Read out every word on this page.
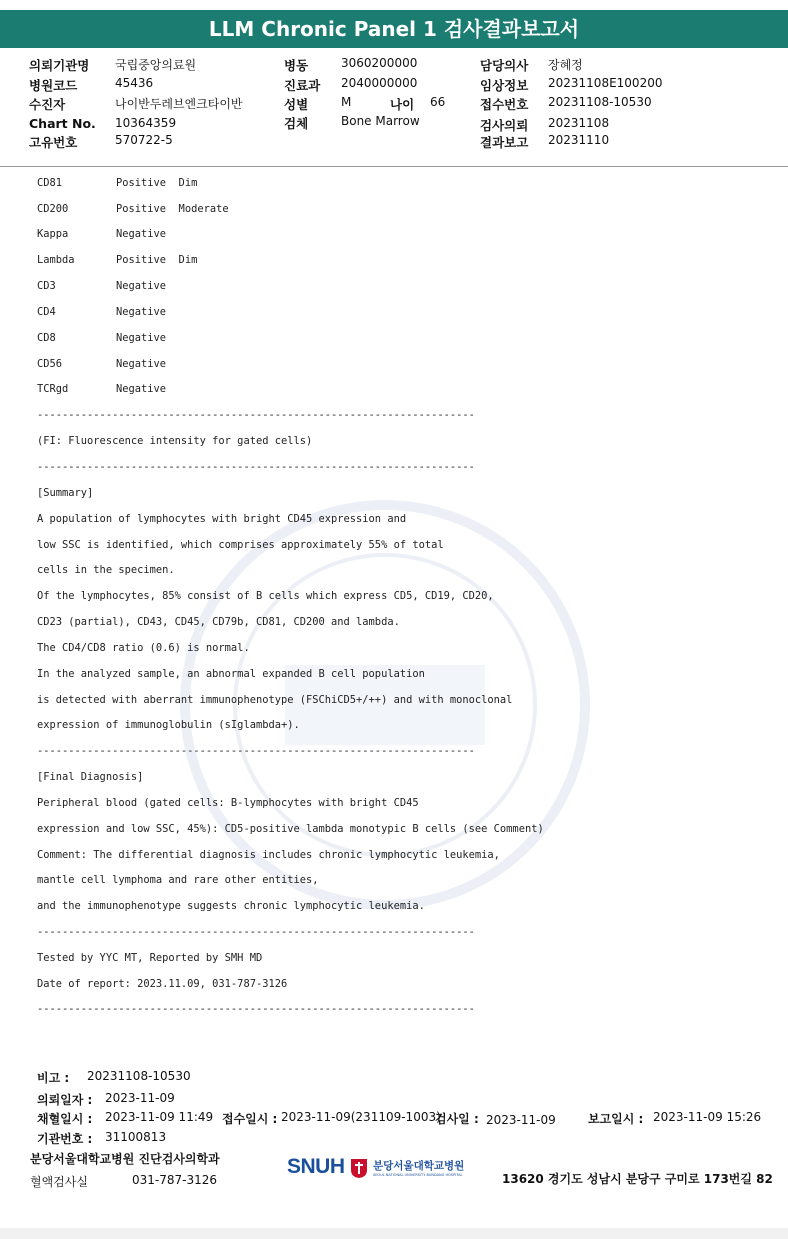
LLM Chronic Panel 1 검사결과보고서
의뢰기관명 국립중앙의료원
병원코드	45436
수진자	나이반두레브엔크타이반
Chart No. 10364359
고유번호	570722-5
병동	3060200000
진료과 2040000000
성별	M	나이 66
검체	Bone Marrow
담당의사 장혜정
임상정보 20231108E100200
접수번호 20231108-10530
검사의뢰 20231108
결과보고 20231110
CD81	Positive  Dim
CD200	Positive  Moderate
Kappa	Negative
Lambda	Positive  Dim
CD3	Negative
CD4	Negative
CD8	Negative
CD56	Negative
TCRgd	Negative
----------------------------------------------------------------------
(FI: Fluorescence intensity for gated cells)
----------------------------------------------------------------------
[Summary]
A population of lymphocytes with bright CD45 expression and
low SSC is identified, which comprises approximately 55% of total
cells in the specimen.
Of the lymphocytes, 85% consist of B cells which express CD5, CD19, CD20,
CD23 (partial), CD43, CD45, CD79b, CD81, CD200 and lambda.
The CD4/CD8 ratio (0.6) is normal.
In the analyzed sample, an abnormal expanded B cell population
is detected with aberrant immunophenotype (FSChiCD5+/++) and with monoclonal
expression of immunoglobulin (sIglambda+).
----------------------------------------------------------------------
[Final Diagnosis]
Peripheral blood (gated cells: B-lymphocytes with bright CD45
expression and low SSC, 45%): CD5-positive lambda monotypic B cells (see Comment)
Comment: The differential diagnosis includes chronic lymphocytic leukemia,
mantle cell lymphoma and rare other entities,
and the immunophenotype suggests chronic lymphocytic leukemia.
----------------------------------------------------------------------
Tested by YYC MT, Reported by SMH MD
Date of report: 2023.11.09, 031-787-3126
----------------------------------------------------------------------
비고 : 20231108-10530
의뢰일자 : 2023-11-09
채혈일시 : 2023-11-09 11:49 접수일시 : 2023-11-09(231109-1003)
검사일 : 2023-11-09	보고일시 : 2023-11-09 15:26
기관번호 : 31100813
분당서울대학교병원 진단검사의학과
혈액검사실	031-787-3126
SNUH	분당서울대학교병원
SEOUL NATIONAL UNIVERSITY BUNDANG HOSPITAL	13620 경기도 성남시 분당구 구미로 173번길 82
